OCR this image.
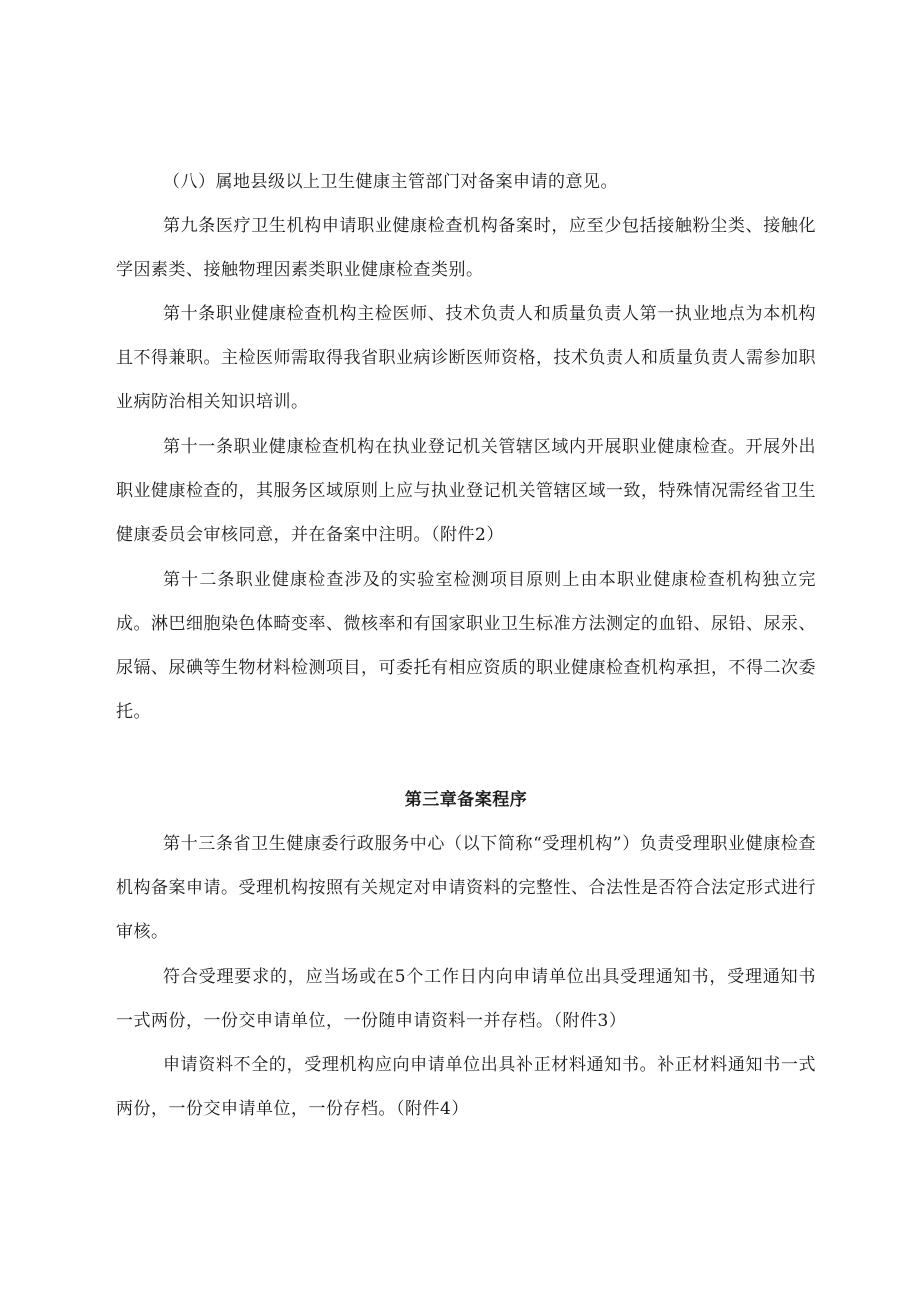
（八）属地县级以上卫生健康主管部门对备案申请的意见。

第九条医疗卫生机构申请职业健康检查机构备案时，应至少包括接触粉尘类、接触化学因素类、接触物理因素类职业健康检查类别。

第十条职业健康检查机构主检医师、技术负责人和质量负责人第一执业地点为本机构且不得兼职。主检医师需取得我省职业病诊断医师资格，技术负责人和质量负责人需参加职业病防治相关知识培训。

第十一条职业健康检查机构在执业登记机关管辖区域内开展职业健康检查。开展外出职业健康检查的，其服务区域原则上应与执业登记机关管辖区域一致，特殊情况需经省卫生健康委员会审核同意，并在备案中注明。（附件2）

第十二条职业健康检查涉及的实验室检测项目原则上由本职业健康检查机构独立完成。淋巴细胞染色体畸变率、微核率和有国家职业卫生标准方法测定的血铅、尿铅、尿汞、尿镉、尿碘等生物材料检测项目，可委托有相应资质的职业健康检查机构承担，不得二次委托。

第三章备案程序

第十三条省卫生健康委行政服务中心（以下简称“受理机构”）负责受理职业健康检查机构备案申请。受理机构按照有关规定对申请资料的完整性、合法性是否符合法定形式进行审核。

符合受理要求的，应当场或在5个工作日内向申请单位出具受理通知书，受理通知书一式两份，一份交申请单位，一份随申请资料一并存档。（附件3）

申请资料不全的，受理机构应向申请单位出具补正材料通知书。补正材料通知书一式两份，一份交申请单位，一份存档。（附件4）
